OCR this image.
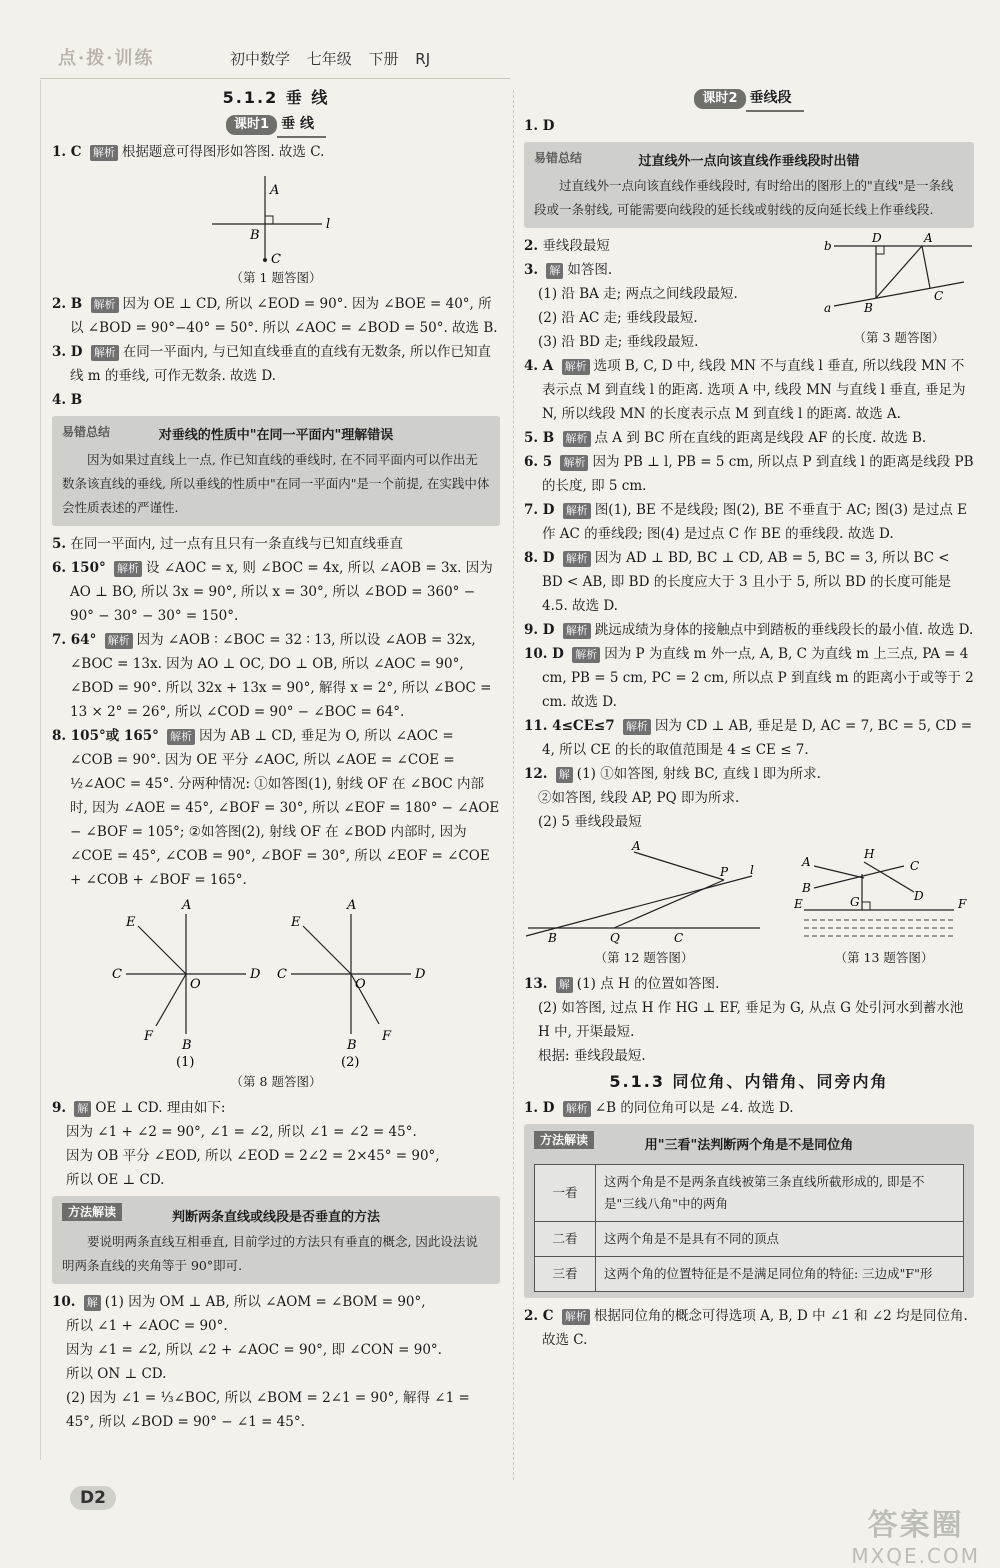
点·拨·训练	初中数学 七年级 下册 RJ
5.1.2 垂 线
课时1 垂 线

1. C 解析 根据题意可得图形如答图. 故选 C.

A
B
C
l
（第 1 题答图）

2. B 解析 因为 OE ⊥ CD, 所以 ∠EOD = 90°. 因为 ∠BOE = 40°, 所以 ∠BOD = 90°−40° = 50°. 所以 ∠AOC = ∠BOD = 50°. 故选 B.

3. D 解析 在同一平面内, 与已知直线垂直的直线有无数条, 所以作已知直线 m 的垂线, 可作无数条. 故选 D.

4. B

易错总结	对垂线的性质中"在同一平面内"理解错误
因为如果过直线上一点, 作已知直线的垂线时, 在不同平面内可以作出无数条该直线的垂线, 所以垂线的性质中"在同一平面内"是一个前提, 在实践中体会性质表述的严谨性.

5. 在同一平面内, 过一点有且只有一条直线与已知直线垂直

6. 150° 解析 设 ∠AOC = x, 则 ∠BOC = 4x, 所以 ∠AOB = 3x. 因为 AO ⊥ BO, 所以 3x = 90°, 所以 x = 30°, 所以 ∠BOD = 360° − 90° − 30° − 30° = 150°.

7. 64° 解析 因为 ∠AOB ∶ ∠BOC = 32 ∶ 13, 所以设 ∠AOB = 32x, ∠BOC = 13x. 因为 AO ⊥ OC, DO ⊥ OB, 所以 ∠AOC = 90°, ∠BOD = 90°. 所以 32x + 13x = 90°, 解得 x = 2°, 所以 ∠BOC = 13 × 2° = 26°, 所以 ∠COD = 90° − ∠BOC = 64°.

8. 105°或 165° 解析 因为 AB ⊥ CD, 垂足为 O, 所以 ∠AOC = ∠COB = 90°. 因为 OE 平分 ∠AOC, 所以 ∠AOE = ∠COE = ½∠AOC = 45°. 分两种情况: ①如答图(1), 射线 OF 在 ∠BOC 内部时, 因为 ∠AOE = 45°, ∠BOF = 30°, 所以 ∠EOF = 180° − ∠AOE − ∠BOF = 105°; ②如答图(2), 射线 OF 在 ∠BOD 内部时, 因为 ∠COE = 45°, ∠COB = 90°, ∠BOF = 30°, 所以 ∠EOF = ∠COE + ∠COB + ∠BOF = 165°.

A
B
C	D
E
F
O
(1)
A
B
C	D
E
F
O
(2)
（第 8 题答图）

9. 解 OE ⊥ CD. 理由如下:

因为 ∠1 + ∠2 = 90°, ∠1 = ∠2, 所以 ∠1 = ∠2 = 45°.

因为 OB 平分 ∠EOD, 所以 ∠EOD = 2∠2 = 2×45° = 90°,

所以 OE ⊥ CD.

方法解读	判断两条直线或线段是否垂直的方法
要说明两条直线互相垂直, 目前学过的方法只有垂直的概念, 因此设法说明两条直线的夹角等于 90°即可.

10. 解 (1) 因为 OM ⊥ AB, 所以 ∠AOM = ∠BOM = 90°,

所以 ∠1 + ∠AOC = 90°.

因为 ∠1 = ∠2, 所以 ∠2 + ∠AOC = 90°, 即 ∠CON = 90°.

所以 ON ⊥ CD.

(2) 因为 ∠1 = ⅓∠BOC, 所以 ∠BOM = 2∠1 = 90°, 解得 ∠1 = 45°, 所以 ∠BOD = 90° − ∠1 = 45°.

课时2 垂线段

1. D

易错总结	过直线外一点向该直线作垂线段时出错
过直线外一点向该直线作垂线段时, 有时给出的图形上的"直线"是一条线段或一条射线, 可能需要向线段的延长线或射线的反向延长线上作垂线段.

2. 垂线段最短

3. 解 如答图.

(1) 沿 BA 走; 两点之间线段最短.

(2) 沿 AC 走; 垂线段最短.

(3) 沿 BD 走; 垂线段最短.

b
a
A
B
C
D
（第 3 题答图）

4. A 解析 选项 B, C, D 中, 线段 MN 不与直线 l 垂直, 所以线段 MN 不表示点 M 到直线 l 的距离. 选项 A 中, 线段 MN 与直线 l 垂直, 垂足为 N, 所以线段 MN 的长度表示点 M 到直线 l 的距离. 故选 A.

5. B 解析 点 A 到 BC 所在直线的距离是线段 AF 的长度. 故选 B.

6. 5 解析 因为 PB ⊥ l, PB = 5 cm, 所以点 P 到直线 l 的距离是线段 PB 的长度, 即 5 cm.

7. D 解析 图(1), BE 不是线段; 图(2), BE 不垂直于 AC; 图(3) 是过点 E 作 AC 的垂线段; 图(4) 是过点 C 作 BE 的垂线段. 故选 D.

8. D 解析 因为 AD ⊥ BD, BC ⊥ CD, AB = 5, BC = 3, 所以 BC < BD < AB, 即 BD 的长度应大于 3 且小于 5, 所以 BD 的长度可能是 4.5. 故选 D.

9. D 解析 跳远成绩为身体的接触点中到踏板的垂线段长的最小值. 故选 D.

10. D 解析 因为 P 为直线 m 外一点, A, B, C 为直线 m 上三点, PA = 4 cm, PB = 5 cm, PC = 2 cm, 所以点 P 到直线 m 的距离小于或等于 2 cm. 故选 D.

11. 4≤CE≤7 解析 因为 CD ⊥ AB, 垂足是 D, AC = 7, BC = 5, CD = 4, 所以 CE 的长的取值范围是 4 ≤ CE ≤ 7.

12. 解 (1) ①如答图, 射线 BC, 直线 l 即为所求.

②如答图, 线段 AP, PQ 即为所求.

(2) 5 垂线段最短

A
P l
B	Q	C
（第 12 题答图）
A
H
C
B
D
G
E	F
（第 13 题答图）

13. 解 (1) 点 H 的位置如答图.

(2) 如答图, 过点 H 作 HG ⊥ EF, 垂足为 G, 从点 G 处引河水到蓄水池 H 中, 开渠最短.

根据: 垂线段最短.

5.1.3 同位角、内错角、同旁内角

1. D 解析 ∠B 的同位角可以是 ∠4. 故选 D.

方法解读	用"三看"法判断两个角是不是同位角
一看	这两个角是不是两条直线被第三条直线所截形成的, 即是不是"三线八角"中的两角
二看	这两个角是不是具有不同的顶点
三看	这两个角的位置特征是不是满足同位角的特征: 三边成"F"形

2. C 解析 根据同位角的概念可得选项 A, B, D 中 ∠1 和 ∠2 均是同位角. 故选 C.

D2
答案圈
MXQE.COM
